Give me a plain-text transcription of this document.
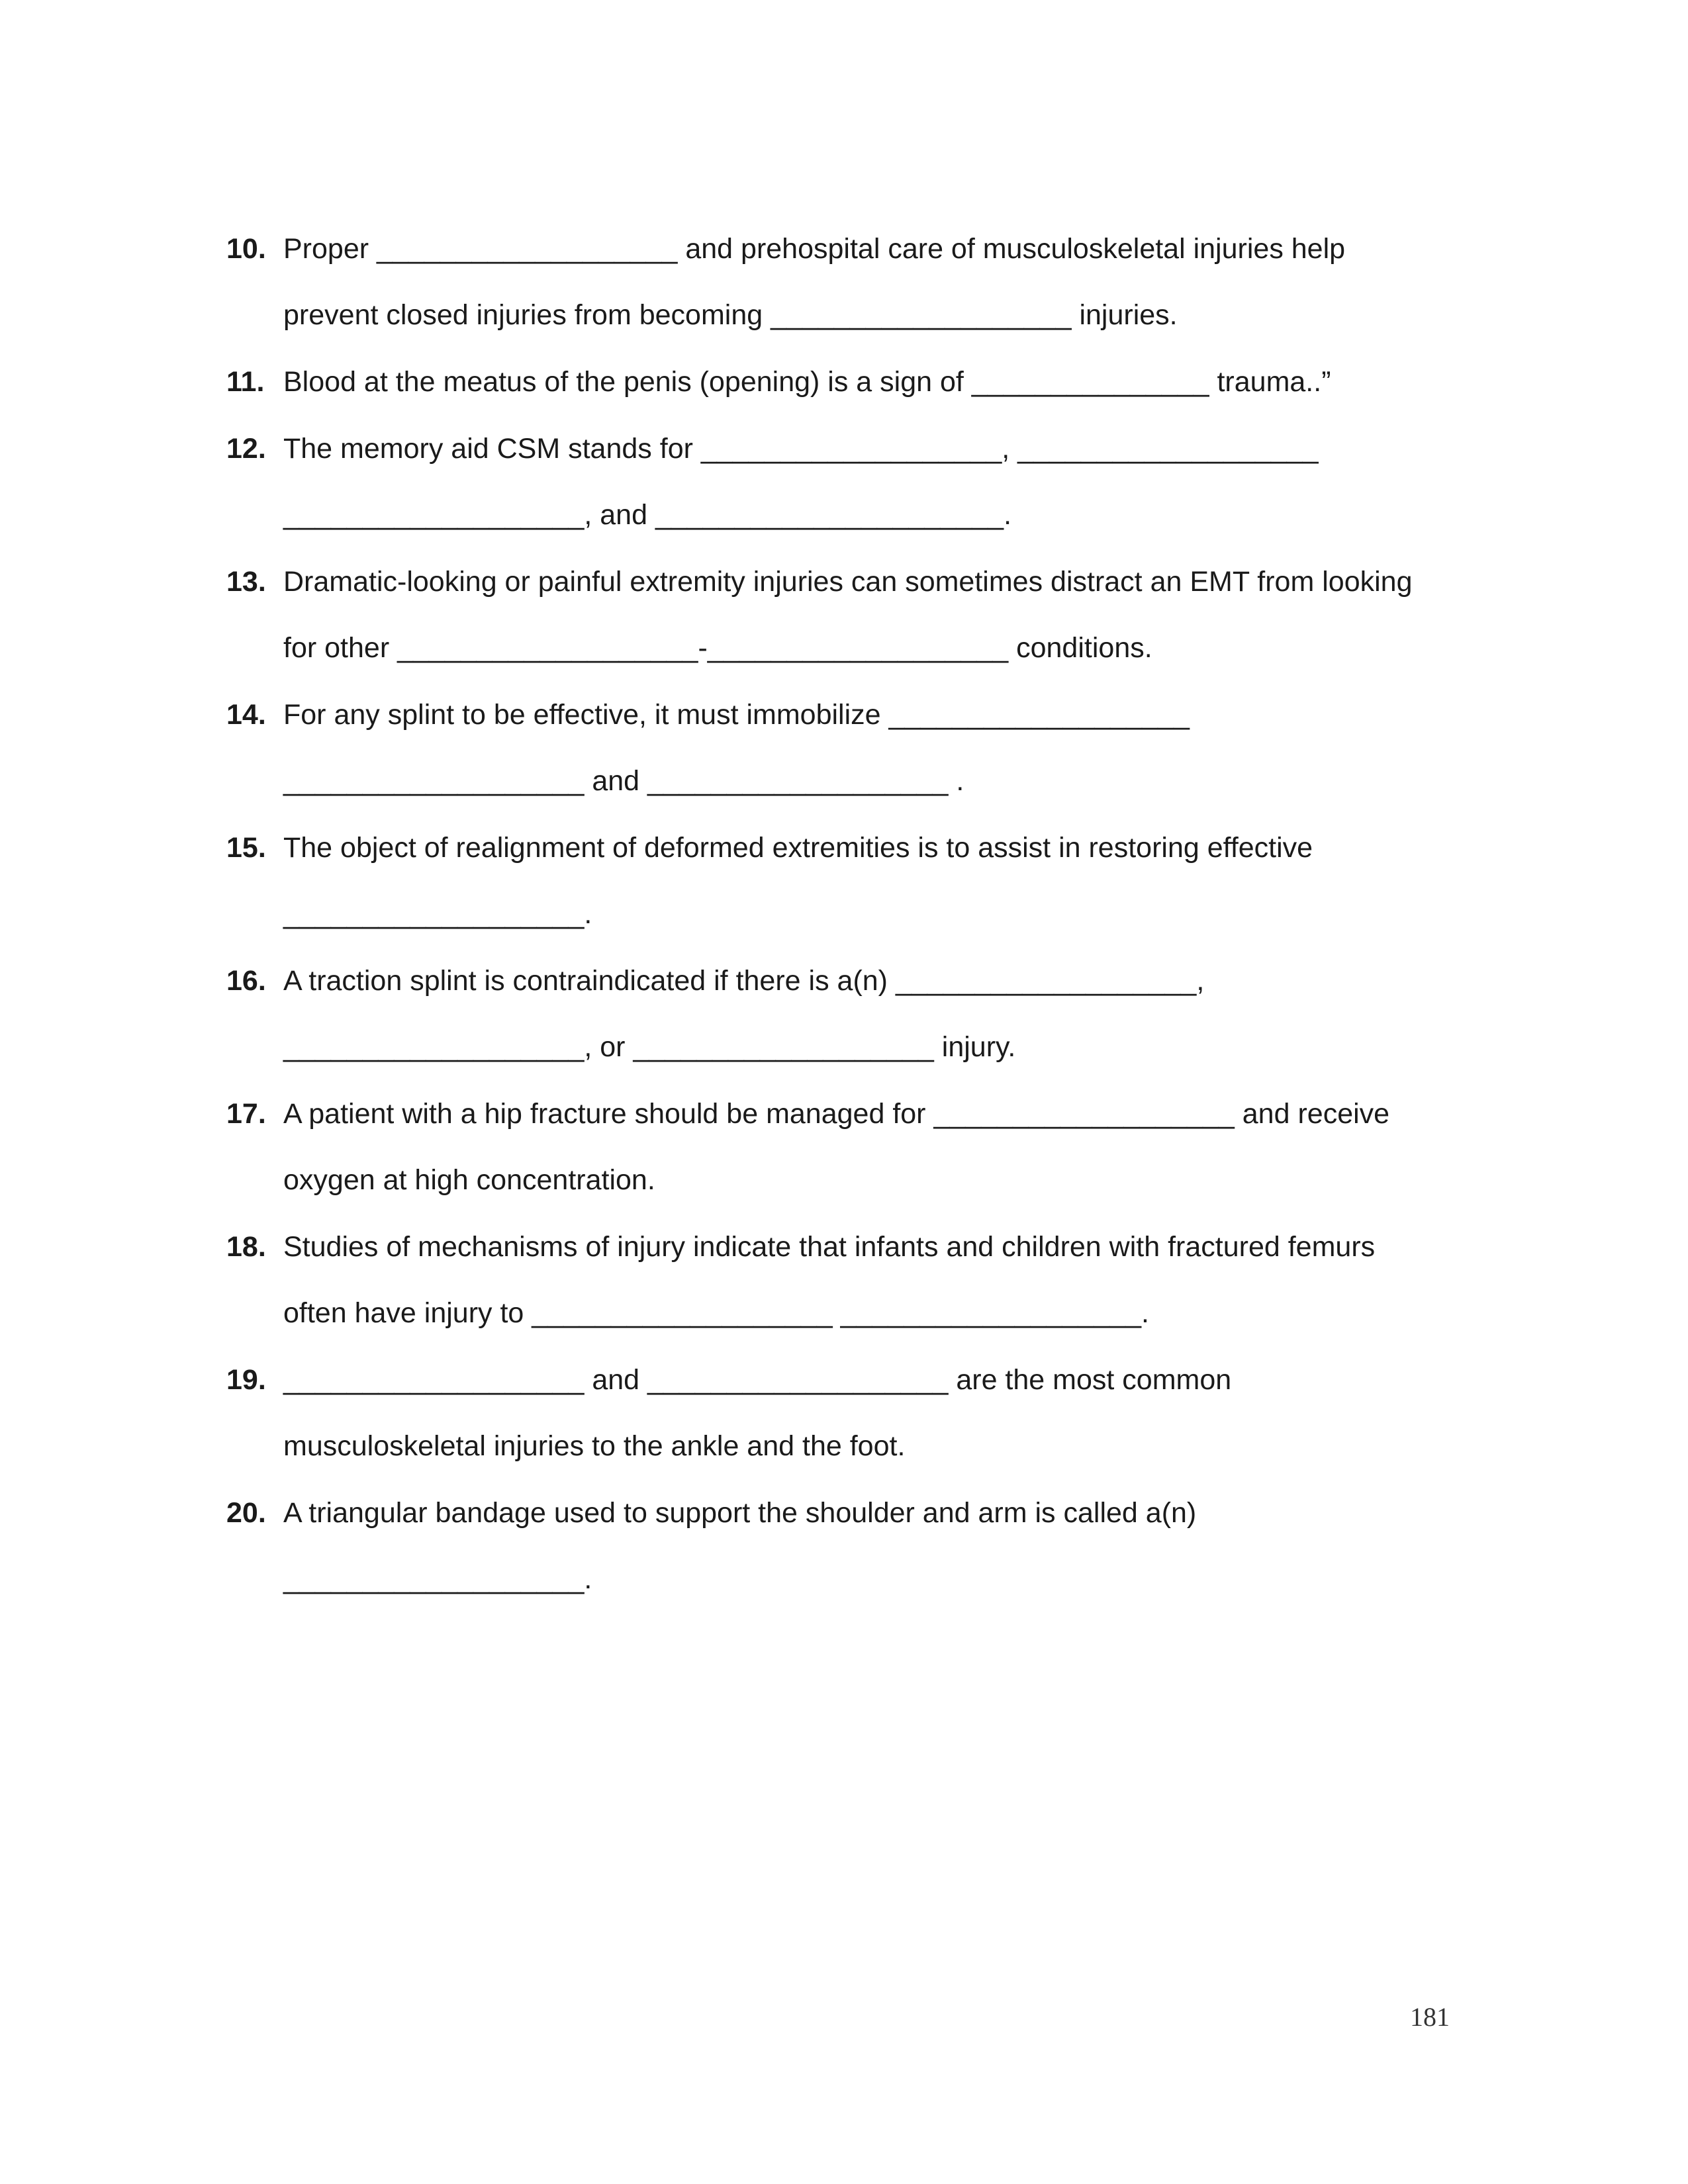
10.

Proper ___________________ and prehospital care of musculoskeletal injuries help

prevent closed injuries from becoming ___________________ injuries.

11.

Blood at the meatus of the penis (opening) is a sign of _______________ trauma..”

12.

The memory aid CSM stands for ___________________, ___________________

___________________, and ______________________.

13.

Dramatic-looking or painful extremity injuries can sometimes distract an EMT from looking

for other ___________________-___________________ conditions.

14.

For any splint to be effective, it must immobilize ___________________

___________________ and ___________________ .

15.

The object of realignment of deformed extremities is to assist in restoring effective

___________________.

16.

A traction splint is contraindicated if there is a(n) ___________________,

___________________, or ___________________ injury.

17.

A patient with a hip fracture should be managed for ___________________ and receive

oxygen at high concentration.

18.

Studies of mechanisms of injury indicate that infants and children with fractured femurs

often have injury to ___________________ ___________________.

19.

___________________ and ___________________ are the most common

musculoskeletal injuries to the ankle and the foot.

20.

A triangular bandage used to support the shoulder and arm is called a(n)

___________________.

181
